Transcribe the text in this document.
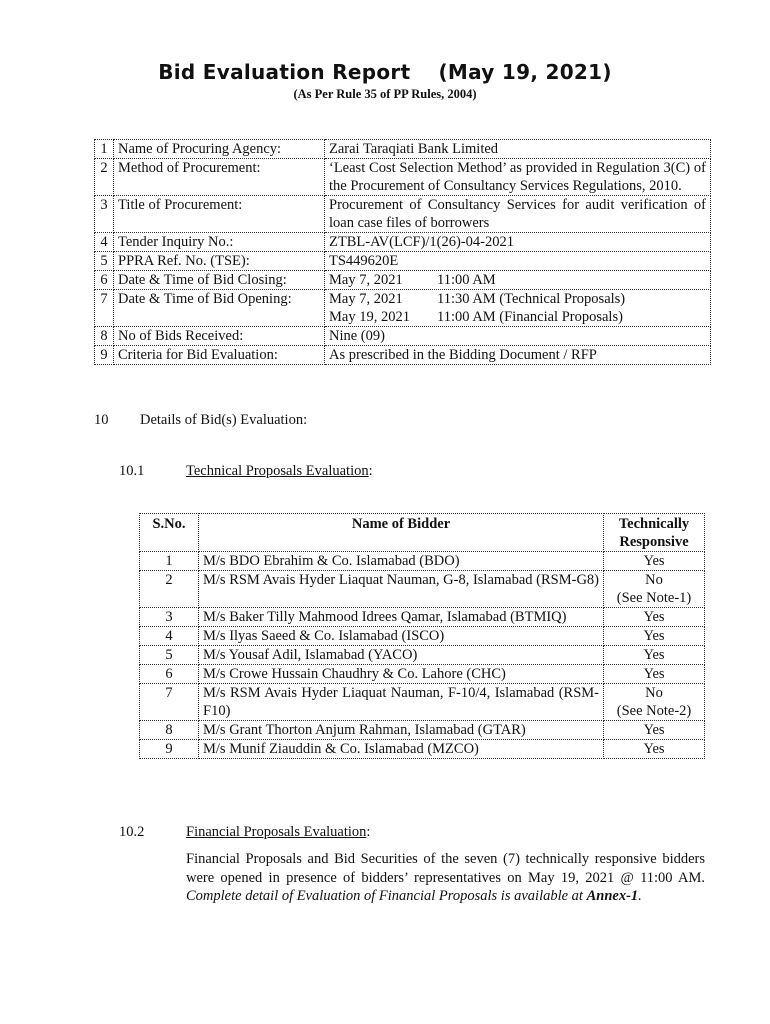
Bid Evaluation Report (May 19, 2021)
(As Per Rule 35 of PP Rules, 2004)
1	Name of Procuring Agency:	Zarai Taraqiati Bank Limited
2	Method of Procurement:	‘Least Cost Selection Method’ as provided in Regulation 3(C) of the Procurement of Consultancy Services Regulations, 2010.
3	Title of Procurement:	Procurement of Consultancy Services for audit verification of loan case files of borrowers
4	Tender Inquiry No.:	ZTBL-AV(LCF)/1(26)-04-2021
5	PPRA Ref. No. (TSE):	TS449620E
6	Date & Time of Bid Closing:	May 7, 2021 11:00 AM
7	Date & Time of Bid Opening:	May 7, 2021 11:30 AM (Technical Proposals)
May 19, 2021 11:00 AM (Financial Proposals)
8	No of Bids Received:	Nine (09)
9	Criteria for Bid Evaluation:	As prescribed in the Bidding Document / RFP
10 Details of Bid(s) Evaluation:
10.1	Technical Proposals Evaluation:
S.No.	Name of Bidder	Technically
Responsive
1	M/s BDO Ebrahim & Co. Islamabad (BDO)	Yes
2	M/s RSM Avais Hyder Liaquat Nauman, G-8, Islamabad (RSM-G8)	No
(See Note-1)
3	M/s Baker Tilly Mahmood Idrees Qamar, Islamabad (BTMIQ)	Yes
4	M/s Ilyas Saeed & Co. Islamabad (ISCO)	Yes
5	M/s Yousaf Adil, Islamabad (YACO)	Yes
6	M/s Crowe Hussain Chaudhry & Co. Lahore (CHC)	Yes
7	M/s RSM Avais Hyder Liaquat Nauman, F-10/4, Islamabad (RSM-F10)	No
(See Note-2)
8	M/s Grant Thorton Anjum Rahman, Islamabad (GTAR)	Yes
9	M/s Munif Ziauddin & Co. Islamabad (MZCO)	Yes
10.2	Financial Proposals Evaluation:
Financial Proposals and Bid Securities of the seven (7) technically responsive bidders were opened in presence of bidders’ representatives on May 19, 2021 @ 11:00 AM. Complete detail of Evaluation of Financial Proposals is available at Annex-1.
